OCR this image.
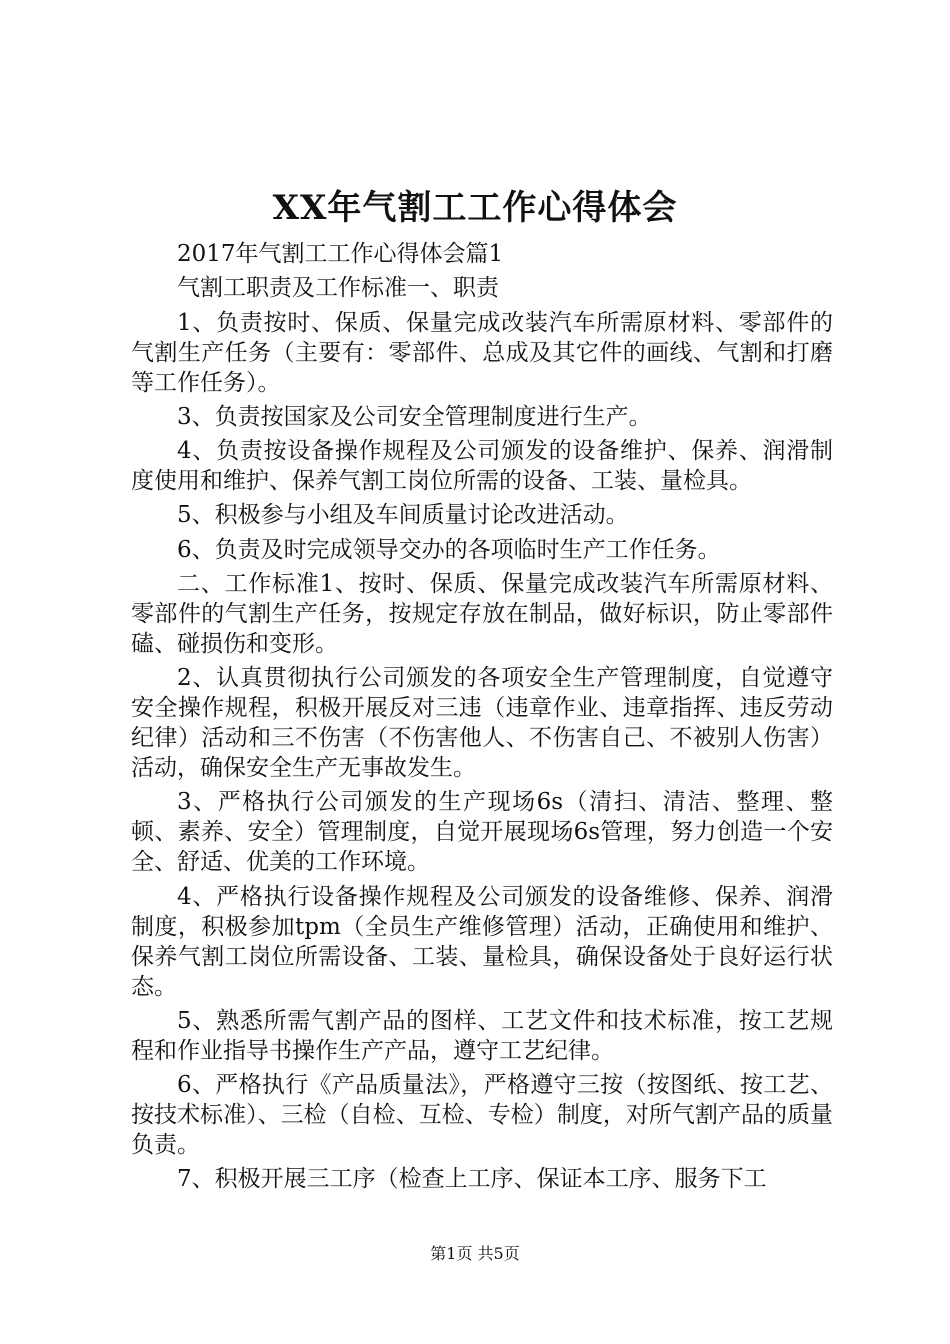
XX年气割工工作心得体会

2017年气割工工作心得体会篇1

气割工职责及工作标准一、职责

1、负责按时、保质、保量完成改装汽车所需原材料、零部件的气割生产任务（主要有：零部件、总成及其它件的画线、气割和打磨等工作任务）。

3、负责按国家及公司安全管理制度进行生产。

4、负责按设备操作规程及公司颁发的设备维护、保养、润滑制度使用和维护、保养气割工岗位所需的设备、工装、量检具。

5、积极参与小组及车间质量讨论改进活动。

6、负责及时完成领导交办的各项临时生产工作任务。

二、工作标准1、按时、保质、保量完成改装汽车所需原材料、零部件的气割生产任务，按规定存放在制品，做好标识，防止零部件磕、碰损伤和变形。

2、认真贯彻执行公司颁发的各项安全生产管理制度，自觉遵守安全操作规程，积极开展反对三违（违章作业、违章指挥、违反劳动纪律）活动和三不伤害（不伤害他人、不伤害自己、不被别人伤害）活动，确保安全生产无事故发生。

3、严格执行公司颁发的生产现场6s（清扫、清洁、整理、整顿、素养、安全）管理制度，自觉开展现场6s管理，努力创造一个安全、舒适、优美的工作环境。

4、严格执行设备操作规程及公司颁发的设备维修、保养、润滑制度，积极参加tpm（全员生产维修管理）活动，正确使用和维护、保养气割工岗位所需设备、工装、量检具，确保设备处于良好运行状态。

5、熟悉所需气割产品的图样、工艺文件和技术标准，按工艺规程和作业指导书操作生产产品，遵守工艺纪律。

6、严格执行《产品质量法》，严格遵守三按（按图纸、按工艺、按技术标准）、三检（自检、互检、专检）制度，对所气割产品的质量负责。

7、积极开展三工序（检查上工序、保证本工序、服务下工

第1页 共5页
